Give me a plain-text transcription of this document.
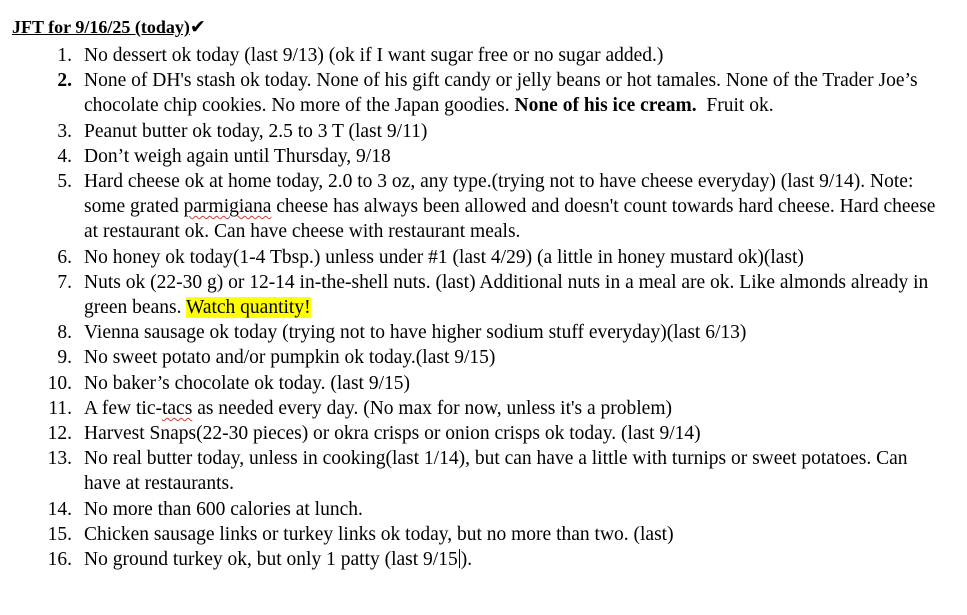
JFT for 9/16/25 (today)✔
1. No dessert ok today (last 9/13) (ok if I want sugar free or no sugar added.)
2. None of DH's stash ok today. None of his gift candy or jelly beans or hot tamales. None of the Trader Joe’s chocolate chip cookies. No more of the Japan goodies. None of his ice cream.  Fruit ok.
3. Peanut butter ok today, 2.5 to 3 T (last 9/11)
4. Don’t weigh again until Thursday, 9/18
5. Hard cheese ok at home today, 2.0 to 3 oz, any type.(trying not to have cheese everyday) (last 9/14). Note: some grated parmigiana cheese has always been allowed and doesn't count towards hard cheese. Hard cheese at restaurant ok. Can have cheese with restaurant meals.
6. No honey ok today(1-4 Tbsp.) unless under #1 (last 4/29) (a little in honey mustard ok)(last)
7. Nuts ok (22-30 g) or 12-14 in-the-shell nuts. (last) Additional nuts in a meal are ok. Like almonds already in green beans. Watch quantity!
8. Vienna sausage ok today (trying not to have higher sodium stuff everyday)(last 6/13)
9. No sweet potato and/or pumpkin ok today.(last 9/15)
10. No baker’s chocolate ok today. (last 9/15)
11. A few tic-tacs as needed every day. (No max for now, unless it's a problem)
12. Harvest Snaps(22-30 pieces) or okra crisps or onion crisps ok today. (last 9/14)
13. No real butter today, unless in cooking(last 1/14), but can have a little with turnips or sweet potatoes. Can have at restaurants.
14. No more than 600 calories at lunch.
15. Chicken sausage links or turkey links ok today, but no more than two. (last)
16. No ground turkey ok, but only 1 patty (last 9/15 ).
